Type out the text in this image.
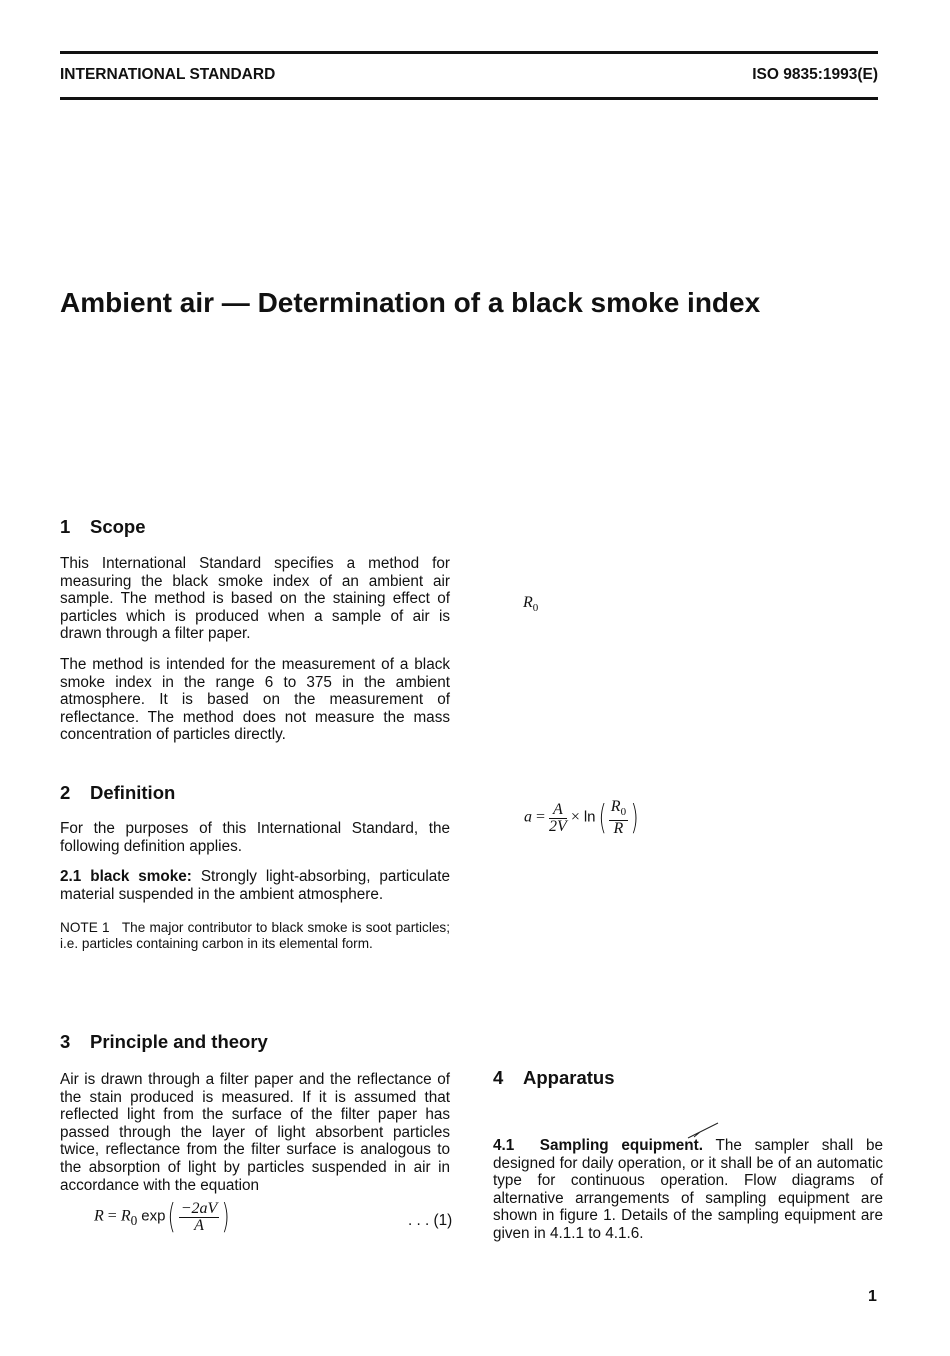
INTERNATIONAL STANDARD	ISO 9835:1993(E)
Ambient air — Determination of a black smoke index
1 Scope

This International Standard specifies a method for measuring the black smoke index of an ambient air sample. The method is based on the staining effect of particles which is produced when a sample of air is drawn through a filter paper.

The method is intended for the measurement of a black smoke index in the range 6 to 375 in the ambient atmosphere. It is based on the measurement of reflectance. The method does not measure the mass concentration of particles directly.

2 Definition

For the purposes of this International Standard, the following definition applies.

2.1 black smoke: Strongly light-absorbing, particulate material suspended in the ambient atmosphere.

NOTE 1   The major contributor to black smoke is soot particles; i.e. particles containing carbon in its elemental form.

3 Principle and theory

Air is drawn through a filter paper and the reflectance of the stain produced is measured. If it is assumed that reflected light from the surface of the filter paper has passed through the layer of light absorbent particles twice, reflectance from the filter surface is analogous to the absorption of light by particles suspended in air in accordance with the equation

$R = R_0$ $\exp( \frac{-2aV}{A}$ )	. . . (1)
$R_0$
$a = \frac{A}{2V} \times \ln( \frac{R_0}{R}$ )

4 Apparatus

4.1 Sampling equipment. The sampler shall be designed for daily operation, or it shall be of an automatic type for continuous operation. Flow diagrams of alternative arrangements of sampling equipment are shown in figure 1. Details of the sampling equipment are given in 4.1.1 to 4.1.6.

1
